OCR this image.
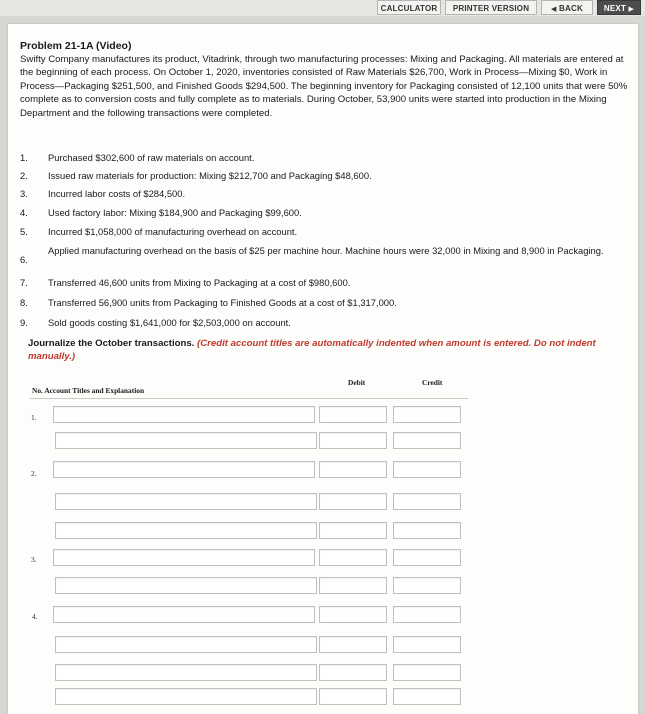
CALCULATOR	PRINTER VERSION	◀ BACK	NEXT ▶
Problem 21-1A (Video)

Swifty Company manufactures its product, Vitadrink, through two manufacturing processes: Mixing and Packaging. All materials are entered at the beginning of each process. On October 1, 2020, inventories consisted of Raw Materials $26,700, Work in Process—Mixing $0, Work in Process—Packaging $251,500, and Finished Goods $294,500. The beginning inventory for Packaging consisted of 12,100 units that were 50% complete as to conversion costs and fully complete as to materials. During October, 53,900 units were started into production in the Mixing Department and the following transactions were completed.

1.	Purchased $302,600 of raw materials on account.
2.	Issued raw materials for production: Mixing $212,700 and Packaging $48,600.
3.	Incurred labor costs of $284,500.
4.	Used factory labor: Mixing $184,900 and Packaging $99,600.
5.	Incurred $1,058,000 of manufacturing overhead on account.
6.
Applied manufacturing overhead on the basis of $25 per machine hour. Machine hours were 32,000 in Mixing and 8,900 in Packaging.
7.	Transferred 46,600 units from Mixing to Packaging at a cost of $980,600.
8.	Transferred 56,900 units from Packaging to Finished Goods at a cost of $1,317,000.
9.	Sold goods costing $1,641,000 for $2,503,000 on account.
Journalize the October transactions. (Credit account titles are automatically indented when amount is entered. Do not indent manually.)
No. Account Titles and Explanation
Debit	Credit
1.
2.
3.
4.
